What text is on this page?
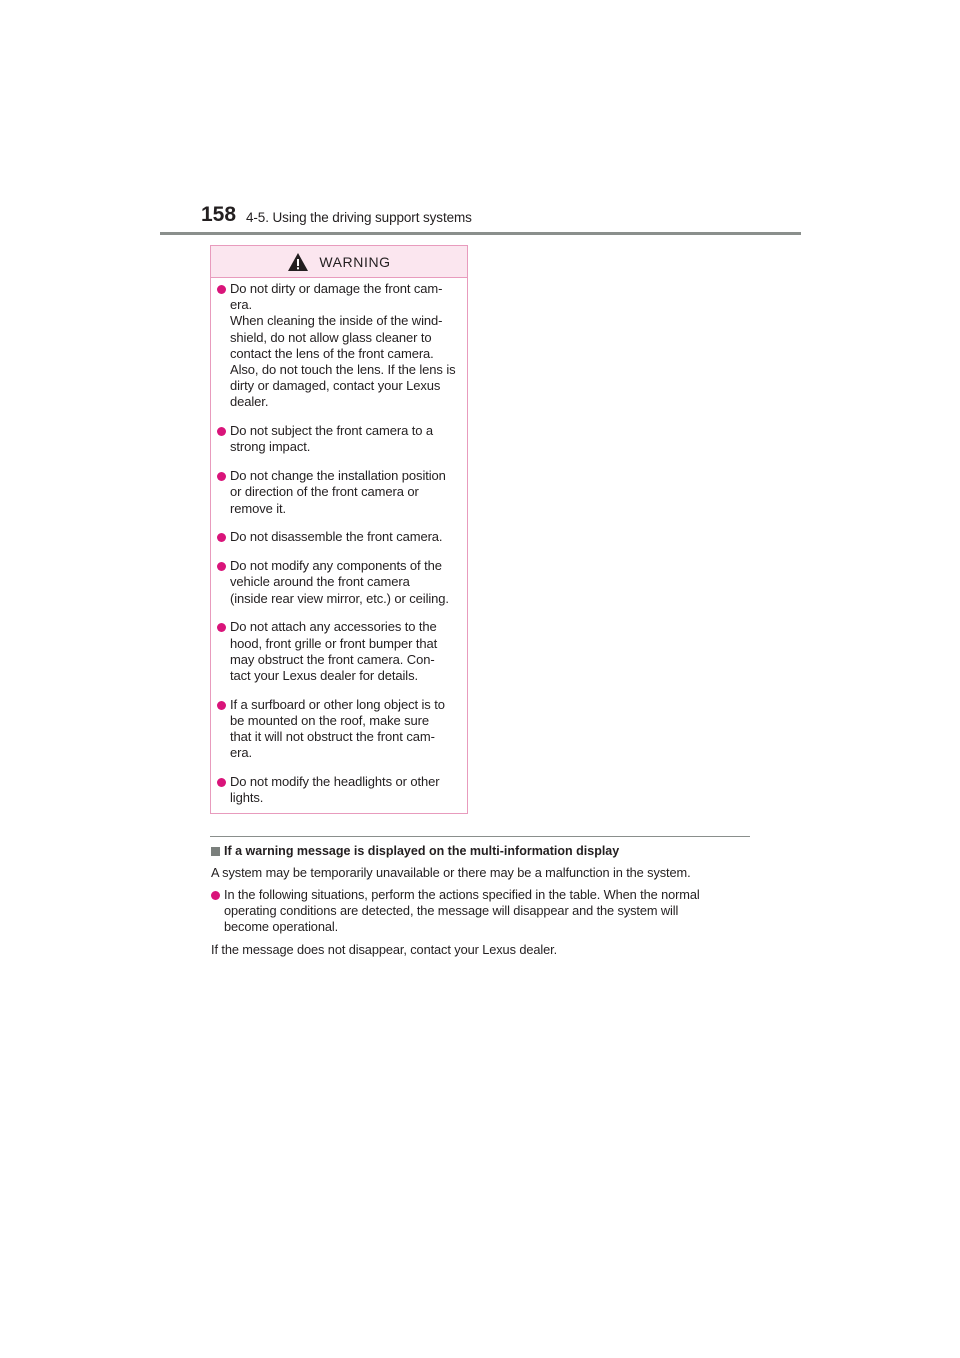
158 4-5. Using the driving support systems
WARNING
Do not dirty or damage the front cam-
era.
When cleaning the inside of the wind-
shield, do not allow glass cleaner to
contact the lens of the front camera.
Also, do not touch the lens. If the lens is
dirty or damaged, contact your Lexus
dealer.
Do not subject the front camera to a
strong impact.
Do not change the installation position
or direction of the front camera or
remove it.
Do not disassemble the front camera.
Do not modify any components of the
vehicle around the front camera
(inside rear view mirror, etc.) or ceiling.
Do not attach any accessories to the
hood, front grille or front bumper that
may obstruct the front camera. Con-
tact your Lexus dealer for details.
If a surfboard or other long object is to
be mounted on the roof, make sure
that it will not obstruct the front cam-
era.
Do not modify the headlights or other
lights.
If a warning message is displayed on the multi-information display
A system may be temporarily unavailable or there may be a malfunction in the system.
In the following situations, perform the actions specified in the table. When the normal
operating conditions are detected, the message will disappear and the system will
become operational.
If the message does not disappear, contact your Lexus dealer.
